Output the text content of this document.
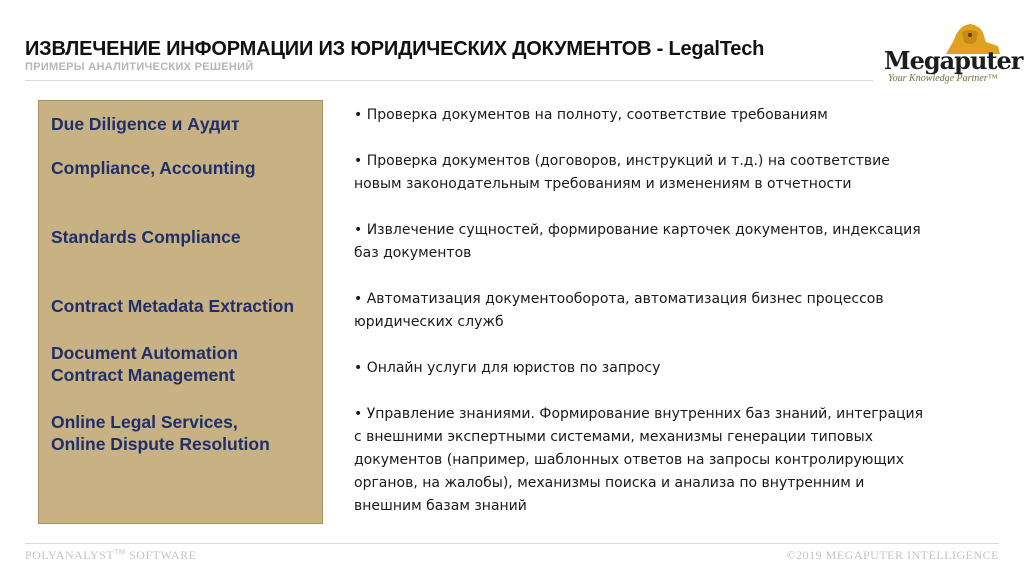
ИЗВЛЕЧЕНИЕ ИНФОРМАЦИИ ИЗ ЮРИДИЧЕСКИХ ДОКУМЕНТОВ - LegalTech
ПРИМЕРЫ АНАЛИТИЧЕСКИХ РЕШЕНИЙ	Megaputer
Your Knowledge Partner™
Due Diligence и Аудит
Compliance, Accounting
Standards Compliance
Contract Metadata Extraction
Document Automation
Contract Management
Online Legal Services,
Online Dispute Resolution
• Проверка документов на полноту, соответствие требованиям
• Проверка документов (договоров, инструкций и т.д.) на соответствие
новым законодательным требованиям и изменениям в отчетности
• Извлечение сущностей, формирование карточек документов, индексация
баз документов
• Автоматизация документооборота, автоматизация бизнес процессов
юридических служб
• Онлайн услуги для юристов по запросу
• Управление знаниями. Формирование внутренних баз знаний, интеграция
с внешними экспертными системами, механизмы генерации типовых
документов (например, шаблонных ответов на запросы контролирующих
органов, на жалобы), механизмы поиска и анализа по внутренним и
внешним базам знаний
POLYANALYST™ SOFTWARE	©2019 MEGAPUTER INTELLIGENCE
